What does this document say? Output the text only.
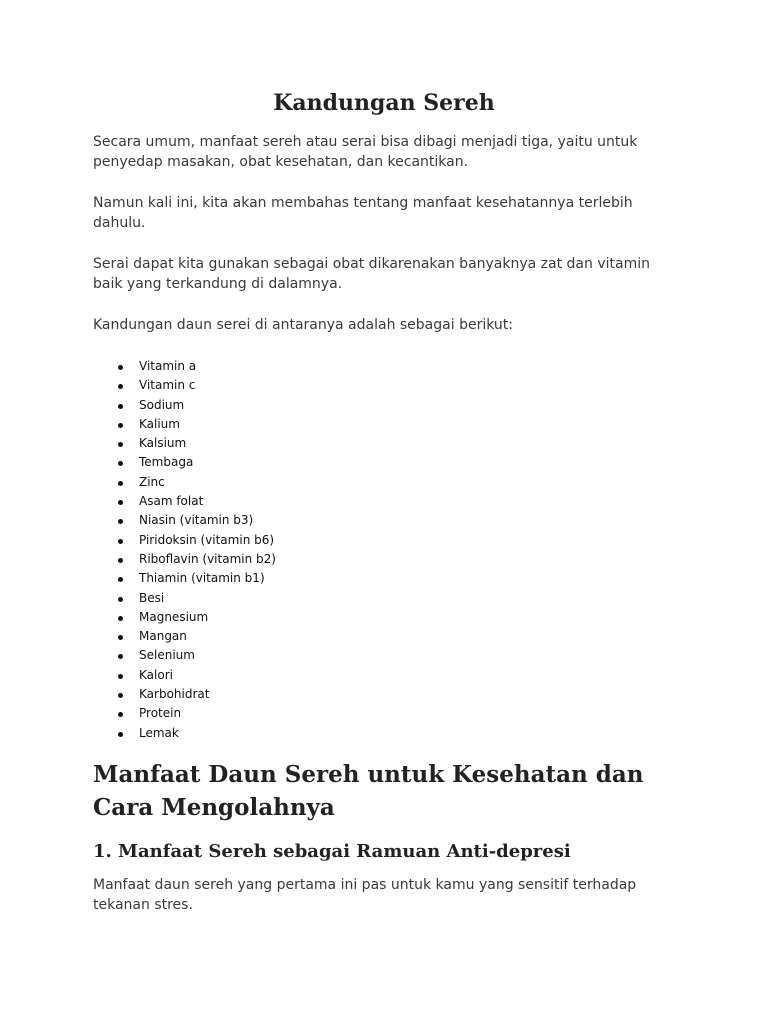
Kandungan Sereh

Secara umum, manfaat sereh atau serai bisa dibagi menjadi tiga, yaitu untuk penyedap masakan, obat kesehatan, dan kecantikan.

Namun kali ini, kita akan membahas tentang manfaat kesehatannya terlebih dahulu.

Serai dapat kita gunakan sebagai obat dikarenakan banyaknya zat dan vitamin baik yang terkandung di dalamnya.

Kandungan daun serei di antaranya adalah sebagai berikut:

Vitamin a
Vitamin c
Sodium
Kalium
Kalsium
Tembaga
Zinc
Asam folat
Niasin (vitamin b3)
Piridoksin (vitamin b6)
Riboflavin (vitamin b2)
Thiamin (vitamin b1)
Besi
Magnesium
Mangan
Selenium
Kalori
Karbohidrat
Protein
Lemak
Manfaat Daun Sereh untuk Kesehatan dan Cara Mengolahnya
1. Manfaat Sereh sebagai Ramuan Anti-depresi

Manfaat daun sereh yang pertama ini pas untuk kamu yang sensitif terhadap tekanan stres.
